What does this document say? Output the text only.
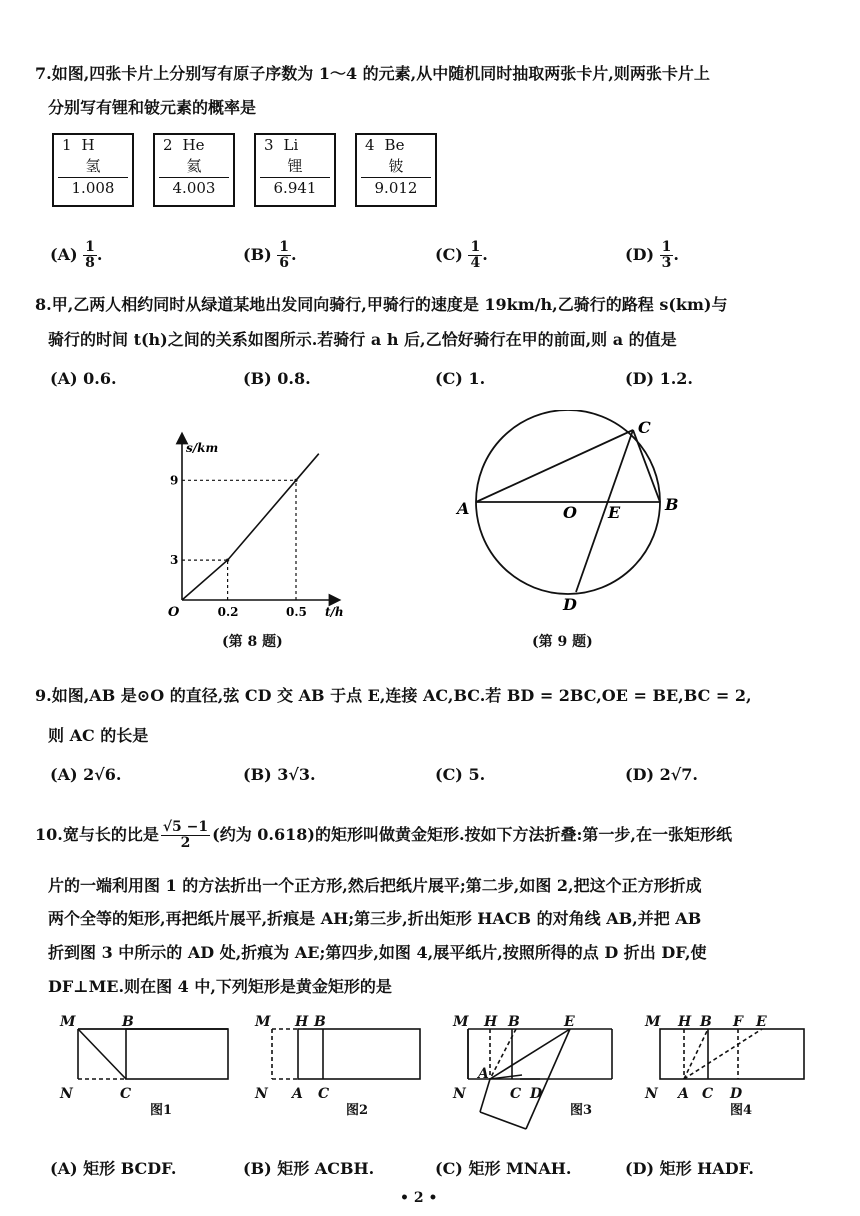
7.如图,四张卡片上分别写有原子序数为 1～4 的元素,从中随机同时抽取两张卡片,则两张卡片上
分别写有锂和铍元素的概率是
1 H
氢
1.008
2 He
氦
4.003
3 Li
锂
6.941
4 Be
铍
9.012
$(A) \frac{1}{8}$ .	$(B) \frac{1}{6}$ .	$(C) \frac{1}{4}$ .	$(D) \frac{1}{3}$ .
8.甲,乙两人相约同时从绿道某地出发同向骑行,甲骑行的速度是 19km/h,乙骑行的路程 s(km)与
骑行的时间 t(h)之间的关系如图所示.若骑行 a h 后,乙恰好骑行在甲的前面,则 a 的值是
(A) 0.6.	(B) 0.8.	(C) 1.	(D) 1.2.
0.2	0.5
3
9
O	t/h
s/km
(第 8 题)
A	B
C
D
E
O
(第 9 题)
9.如图,AB 是⊙O 的直径,弦 CD 交 AB 于点 E,连接 AC,BC.若 BD = 2BC,OE = BE,BC = 2,
则 AC 的长是
(A) 2√6.	(B) 3√3.	(C) 5.	(D) 2√7.
10.宽与长的比是 $\frac{√5 -1}{2}$ (约为 0.618)的矩形叫做黄金矩形.按如下方法折叠:第一步,在一张矩形纸
片的一端利用图 1 的方法折出一个正方形,然后把纸片展平;第二步,如图 2,把这个正方形折成
两个全等的矩形,再把纸片展平,折痕是 AH;第三步,折出矩形 HACB 的对角线 AB,并把 AB
折到图 3 中所示的 AD 处,折痕为 AE;第四步,如图 4,展平纸片,按照所得的点 D 折出 DF,使
DF⊥ME.则在图 4 中,下列矩形是黄金矩形的是
M	B
N	C
M H B
N A C
M H B	E
N
A
C D
M H B F E
N A C D
图1	图2	图3	图4
(A) 矩形 BCDF.	(B) 矩形 ACBH.	(C) 矩形 MNAH.	(D) 矩形 HADF.
• 2 •
